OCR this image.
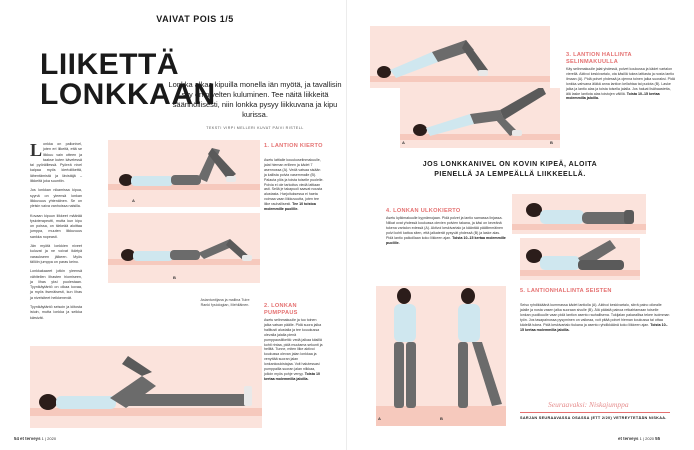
VAIVAT POIS 1/5
LIIKETTÄ LONKKAAN
Lonkka alkaa kipuilla monella iän myötä, ja tavallisin syy on nivelten kuluminen. Tee näitä liikkeitä säännöllisesti, niin lonkka pysyy liikkuvana ja kipu kurissa.
TEKSTI VIRPI MELLERI KUVAT PÄIVI RISTELL

Lonkka on pallonivel, joten eri liikeitä, että se liikkuu vain otteen ja taakse kuten kävelessä tai pyöräillessä. Pyöreä nivel kaipaa myös kiertoliikettä, lähentämistä ja lävistäjä – liikkeitä joka suuntiin.

Jos lonkkan nikamissa kipua, syynä on yleensä lonkan liikkuvuus yhtenäinen. Se on yleisin vaiva vanhoissa naisilla.

Kovaan kipuun liikkeet määrää fysioterapeutti, mutta kun kipu on poissa, on tärkeää aloittaa jumppa, muuten liikkuvuus sankka nopeasti.

Jän myötä lonkkien niveet kuluvat ja ne voivat ikärtyä varaukseen jälkeen. Myös tällöin jumppa on paras keino.

Lonkkakaaret jotkin yleensä vähitellen lihasten hiomiseen, ja lihas yksi puolestaan. Tyynikäytäntö on olkaa kovaa, ja myös itsenäisesti, kun lihas ja nivelsiteet heikkenevät.

Tyynikäytäntö seisoin ja kiitosta istuin, mutta lonkka ja seikka kärsivät.

A
B
1. LANTION KIERTO
Asetu lattialle kouukuselinmakuulle, jalat hieman erilleen ja kädet 7 asennossa (A). Vedä vatsaa sisään ja kallista polvia vasemmalle (B). Palauta ylös ja toista toiselle puolelle. Polvia ei ole tarkoitus viedä lattiaan asti. Sellä je takapuoli saavat nousta alustasta. Harjoituksessa ei haeta voimaa vaan liikkuvuutta, joten tee liike rauhallisesti. Tee 10 toistoa molemmille puolille.
Asiantuntijana ja mallina Tuire Ranki fysiologian, Mehiläinen.	2. LONKAN PUMPPAUS
Asetu selinmakuulle ja tuo toinen jalka vatsan päälle. Pidä suora jalka hallitusti alustalla ja tee kouukussa olevalla jalalla pienä pumppausliikeitä: vedä jalkaa käsillä kohti rintaa, pidä muutama sekunti ja hellitä. Tunne, miten liike aktivoi koukussa olevan jalan lonkkaa ja venyttää suoran jalan lonkankoukistajaa. Voit halutessasi pumppailla suoran jalan nilkkaa, jolloin myös pohje venyy. Toista 10 kertaa molemmilla jaloilla.
54 et terveys 1 | 2020
A	B
3. LANTION HALLINTA SELINMAKUULLA
Käy selinmakuulle jalat yhdessä, polvet koukussa ja kädet vartalon vierellä. Aktivoi keskivartalo, ota käsillä tukea lattiasta ja nosta lantio ilmaan (A). Pidä polvet yhdessä ja ojenna toinen jalka suoraksi. Pidä lonkka-vahvana äläkä anna lantion kellahtaa tai pudota (B). Laske jalka ja lantio alas ja toista toisella jalalla. Jos haluat lisähaastetta, älä laske lantiota alas toistojen välillä. Toista 10–15 kertaa molemmilla jaloilla.
JOS LONKKANIVEL ON KOVIN KIPEÄ, ALOITA PIENELLÄ JA LEMPEÄLLÄ LIIKKEELLÄ.
4. LONKAN ULKOKIERTO
Asetu kylkimakuulle kyynärnojaan. Pidä polvet ja lantio samassa linjassa. Nilkat ovat yhdessä koukussa olevien polvien takana, ja käsi on keveänä tukena vartalon edessä (A). Aktivoi keskivartalo ja kääntää päällimmäinen polvi kohti kattoa siten, että jalkaterät pysyvät yhdessä (B) ja laske alas. Pidä lantio paikoillaan koko liikkeen ajan. Toista 10–15 kertaa molemmille puolille.
A	B
5. LANTIONHALLINTA SEISTEN
Seiso ryhdikkäänä kummassa kädet lantiolla (A). Aktivoi keskivartalo, siirrä paino oikealle jalalle ja nosta vasen jalka suoraan sivulle (B). Älä päästä painoa retkahtamaan toiselle lonkan puolikuulle vaan pidä lantion asento rauhallisena. Tukijalan pakarallisa tekee isoimman työn. Jos tasapainossa pysyminen on vaikeaa, voit pitää polvet hieman koukussa tai ottaa kädellä tukea. Pidä keskivartalo tiukana ja asento ryhdikkäänä koko liikkeen ajan. Toista 10–15 kertaa molemmilla jaloilla.
Seuraavaksi: Niskajumppa
SARJAN SEURAAVASSA OSASSA (ETT 2/20) VETREYTETÄÄN NISKAA.
et terveys 1 | 2020 55
